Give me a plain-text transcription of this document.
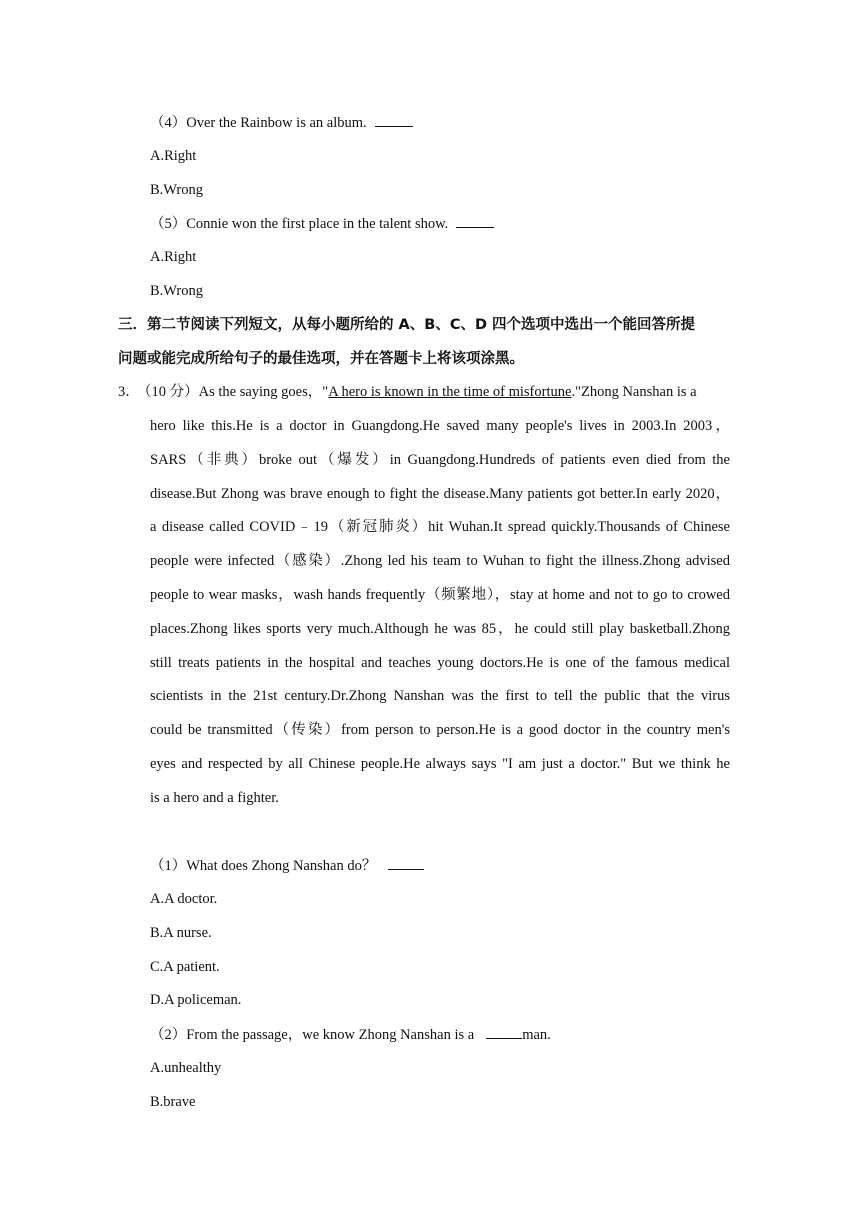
（4）Over the Rainbow is an album.
A.Right
B.Wrong
（5）Connie won the first place in the talent show.
A.Right
B.Wrong
三．第二节阅读下列短文，从每小题所给的 A、B、C、D 四个选项中选出一个能回答所提
问题或能完成所给句子的最佳选项，并在答题卡上将该项涂黑。
3．
（10 分）As the saying goes，"A hero is known in the time of misfortune."Zhong Nanshan is a
hero like this.He is a doctor in Guangdong.He saved many people's lives in 2003.In 2003，
SARS（非典）broke out（爆发）in Guangdong.Hundreds of patients even died from the
disease.But Zhong was brave enough to fight the disease.Many patients got better.In early 2020，
a disease called COVID﹣19（新冠肺炎）hit Wuhan.It spread quickly.Thousands of Chinese
people were infected（感染）.Zhong led his team to Wuhan to fight the illness.Zhong advised
people to wear masks，wash hands frequently（频繁地），stay at home and not to go to crowed
places.Zhong likes sports very much.Although he was 85，he could still play basketball.Zhong
still treats patients in the hospital and teaches young doctors.He is one of the famous medical
scientists in the 21st century.Dr.Zhong Nanshan was the first to tell the public that the virus
could be transmitted（传染）from person to person.He is a good doctor in the country men's
eyes and respected by all Chinese people.He always says "I am just a doctor." But we think he
is a hero and a fighter.
（1）What does Zhong Nanshan do？
A.A doctor.
B.A nurse.
C.A patient.
D.A policeman.
（2）From the passage，we know Zhong Nanshan is a	man.
A.unhealthy
B.brave
